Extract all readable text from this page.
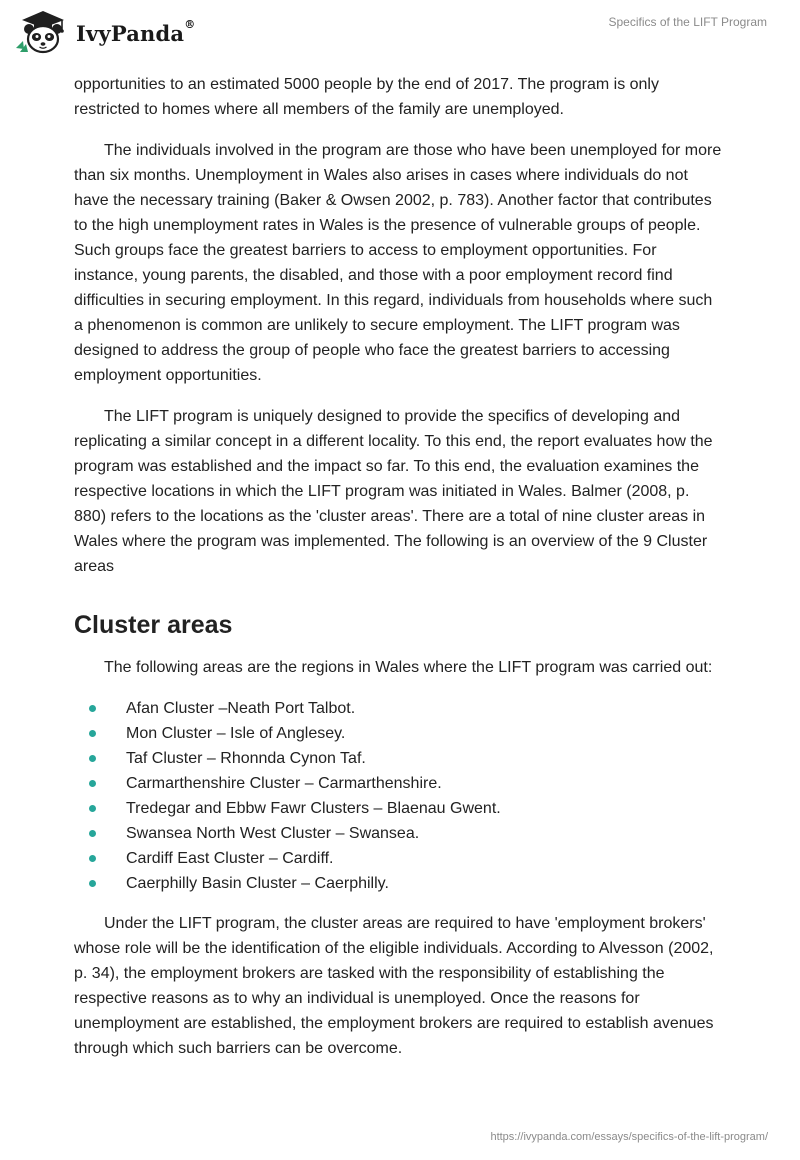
IvyPanda®	Specifics of the LIFT Program

opportunities to an estimated 5000 people by the end of 2017. The program is only restricted to homes where all members of the family are unemployed.

The individuals involved in the program are those who have been unemployed for more than six months. Unemployment in Wales also arises in cases where individuals do not have the necessary training (Baker & Owsen 2002, p. 783). Another factor that contributes to the high unemployment rates in Wales is the presence of vulnerable groups of people. Such groups face the greatest barriers to access to employment opportunities. For instance, young parents, the disabled, and those with a poor employment record find difficulties in securing employment. In this regard, individuals from households where such a phenomenon is common are unlikely to secure employment. The LIFT program was designed to address the group of people who face the greatest barriers to accessing employment opportunities.

The LIFT program is uniquely designed to provide the specifics of developing and replicating a similar concept in a different locality. To this end, the report evaluates how the program was established and the impact so far. To this end, the evaluation examines the respective locations in which the LIFT program was initiated in Wales. Balmer (2008, p. 880) refers to the locations as the 'cluster areas'. There are a total of nine cluster areas in Wales where the program was implemented. The following is an overview of the 9 Cluster areas

Cluster areas

The following areas are the regions in Wales where the LIFT program was carried out:

Afan Cluster –Neath Port Talbot.
Mon Cluster – Isle of Anglesey.
Taf Cluster – Rhonnda Cynon Taf.
Carmarthenshire Cluster – Carmarthenshire.
Tredegar and Ebbw Fawr Clusters – Blaenau Gwent.
Swansea North West Cluster – Swansea.
Cardiff East Cluster – Cardiff.
Caerphilly Basin Cluster – Caerphilly.

Under the LIFT program, the cluster areas are required to have 'employment brokers' whose role will be the identification of the eligible individuals. According to Alvesson (2002, p. 34), the employment brokers are tasked with the responsibility of establishing the respective reasons as to why an individual is unemployed. Once the reasons for unemployment are established, the employment brokers are required to establish avenues through which such barriers can be overcome.

https://ivypanda.com/essays/specifics-of-the-lift-program/
